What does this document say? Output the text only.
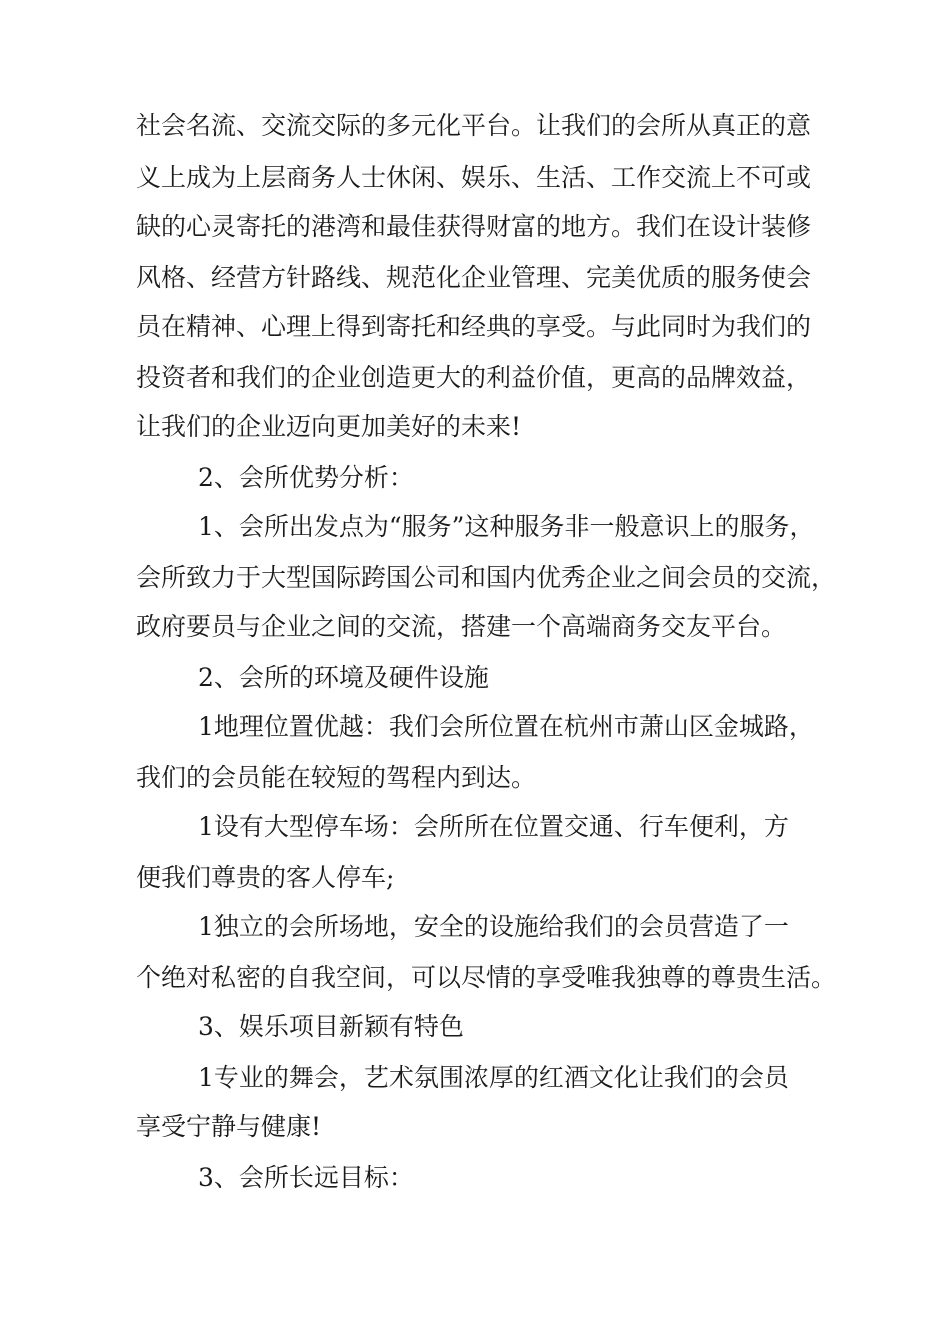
社会名流、交流交际的多元化平台。让我们的会所从真正的意
义上成为上层商务人士休闲、娱乐、生活、工作交流上不可或
缺的心灵寄托的港湾和最佳获得财富的地方。我们在设计装修
风格、经营方针路线、规范化企业管理、完美优质的服务使会
员在精神、心理上得到寄托和经典的享受。与此同时为我们的
投资者和我们的企业创造更大的利益价值，更高的品牌效益，
让我们的企业迈向更加美好的未来!
2、会所优势分析：
1、会所出发点为“服务”这种服务非一般意识上的服务，
会所致力于大型国际跨国公司和国内优秀企业之间会员的交流，
政府要员与企业之间的交流，搭建一个高端商务交友平台。
2、会所的环境及硬件设施
1地理位置优越：我们会所位置在杭州市萧山区金城路，
我们的会员能在较短的驾程内到达。
1设有大型停车场：会所所在位置交通、行车便利，方
便我们尊贵的客人停车;
1独立的会所场地，安全的设施给我们的会员营造了一
个绝对私密的自我空间，可以尽情的享受唯我独尊的尊贵生活。
3、娱乐项目新颖有特色
1专业的舞会，艺术氛围浓厚的红酒文化让我们的会员
享受宁静与健康!
3、会所长远目标：
